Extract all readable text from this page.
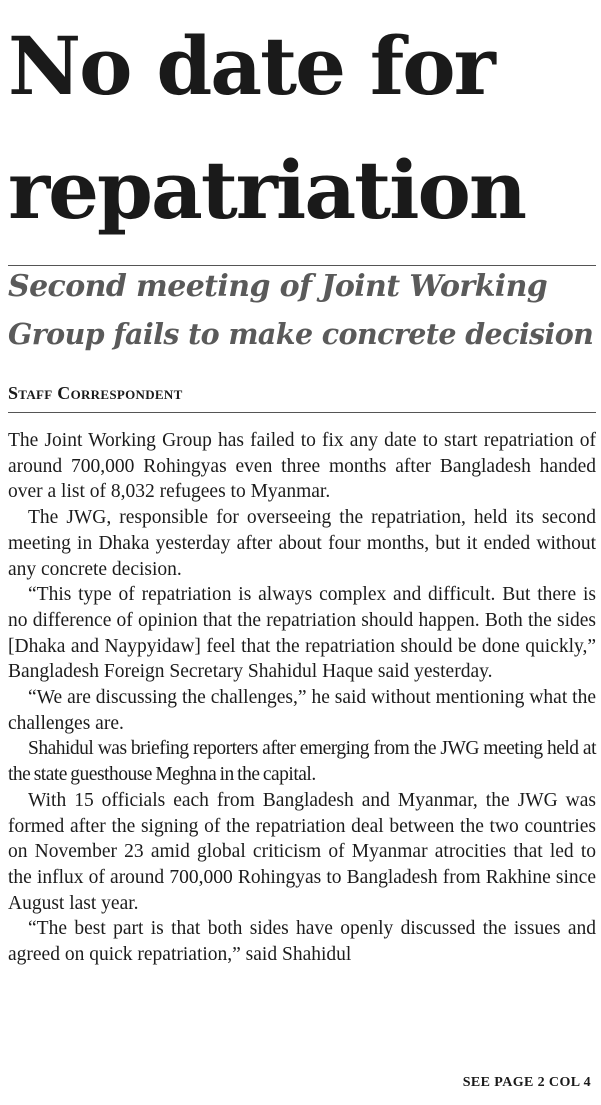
No date for
repatriation
Second meeting of Joint Working
Group fails to make concrete decision
Staff Correspondent

The Joint Working Group has failed to fix any date to start repatriation of around 700,000 Rohingyas even three months after Bangladesh handed over a list of 8,032 refugees to Myanmar.

The JWG, responsible for overseeing the repatriation, held its second meeting in Dhaka yesterday after about four months, but it ended without any concrete decision.

“This type of repatriation is always complex and difficult. But there is no difference of opinion that the repatriation should happen. Both the sides [Dhaka and Naypyidaw] feel that the repatriation should be done quickly,” Bangladesh Foreign Secretary Shahidul Haque said yesterday.

“We are discussing the challenges,” he said without mentioning what the challenges are.

Shahidul was briefing reporters after emerging from the JWG meeting held at the state guesthouse Meghna in the capital.

With 15 officials each from Bangladesh and Myanmar, the JWG was formed after the signing of the repatriation deal between the two countries on November 23 amid global criticism of Myanmar atrocities that led to the influx of around 700,000 Rohingyas to Bangladesh from Rakhine since August last year.

“The best part is that both sides have openly discussed the issues and agreed on quick repatriation,” said Shahidul

SEE PAGE 2 COL 4
